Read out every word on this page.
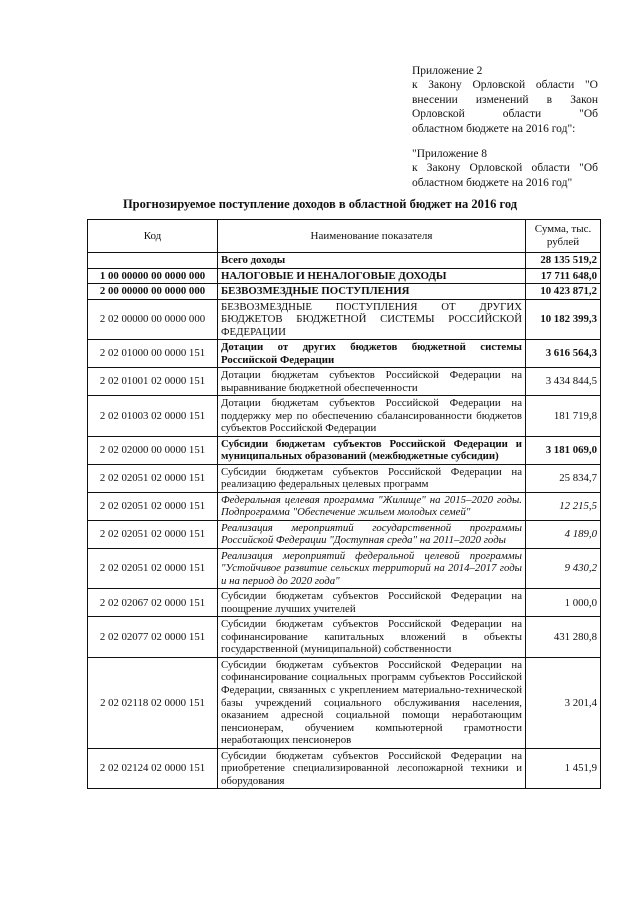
Приложение 2
к Закону Орловской области "О
внесении изменений в Закон
Орловской области "Об
областном бюджете на 2016 год":
"Приложение 8
к Закону Орловской области "Об
областном бюджете на 2016 год"
Прогнозируемое поступление доходов в областной бюджет на 2016 год
Код	Наименование показателя	Сумма, тыс. рублей
	Всего доходы	28 135 519,2
1 00 00000 00 0000 000	НАЛОГОВЫЕ И НЕНАЛОГОВЫЕ ДОХОДЫ	17 711 648,0
2 00 00000 00 0000 000	БЕЗВОЗМЕЗДНЫЕ ПОСТУПЛЕНИЯ	10 423 871,2
2 02 00000 00 0000 000	БЕЗВОЗМЕЗДНЫЕ ПОСТУПЛЕНИЯ ОТ ДРУГИХ БЮДЖЕТОВ БЮДЖЕТНОЙ СИСТЕМЫ РОССИЙСКОЙ ФЕДЕРАЦИИ	10 182 399,3
2 02 01000 00 0000 151	Дотации от других бюджетов бюджетной системы Российской Федерации	3 616 564,3
2 02 01001 02 0000 151	Дотации бюджетам субъектов Российской Федерации на выравнивание бюджетной обеспеченности	3 434 844,5
2 02 01003 02 0000 151	Дотации бюджетам субъектов Российской Федерации на поддержку мер по обеспечению сбалансированности бюджетов субъектов Российской Федерации	181 719,8
2 02 02000 00 0000 151	Субсидии бюджетам субъектов Российской Федерации и муниципальных образований (межбюджетные субсидии)	3 181 069,0
2 02 02051 02 0000 151	Субсидии бюджетам субъектов Российской Федерации на реализацию федеральных целевых программ	25 834,7
2 02 02051 02 0000 151	Федеральная целевая программа "Жилище" на 2015–2020 годы. Подпрограмма "Обеспечение жильем молодых семей"	12 215,5
2 02 02051 02 0000 151	Реализация мероприятий государственной программы Российской Федерации "Доступная среда" на 2011–2020 годы	4 189,0
2 02 02051 02 0000 151	Реализация мероприятий федеральной целевой программы "Устойчивое развитие сельских территорий на 2014–2017 годы и на период до 2020 года"	9 430,2
2 02 02067 02 0000 151	Субсидии бюджетам субъектов Российской Федерации на поощрение лучших учителей	1 000,0
2 02 02077 02 0000 151	Субсидии бюджетам субъектов Российской Федерации на софинансирование капитальных вложений в объекты государственной (муниципальной) собственности	431 280,8
2 02 02118 02 0000 151	Субсидии бюджетам субъектов Российской Федерации на софинансирование социальных программ субъектов Российской Федерации, связанных с укреплением материально-технической базы учреждений социального обслуживания населения, оказанием адресной социальной помощи неработающим пенсионерам, обучением компьютерной грамотности неработающих пенсионеров	3 201,4
2 02 02124 02 0000 151	Субсидии бюджетам субъектов Российской Федерации на приобретение специализированной лесопожарной техники и оборудования	1 451,9
